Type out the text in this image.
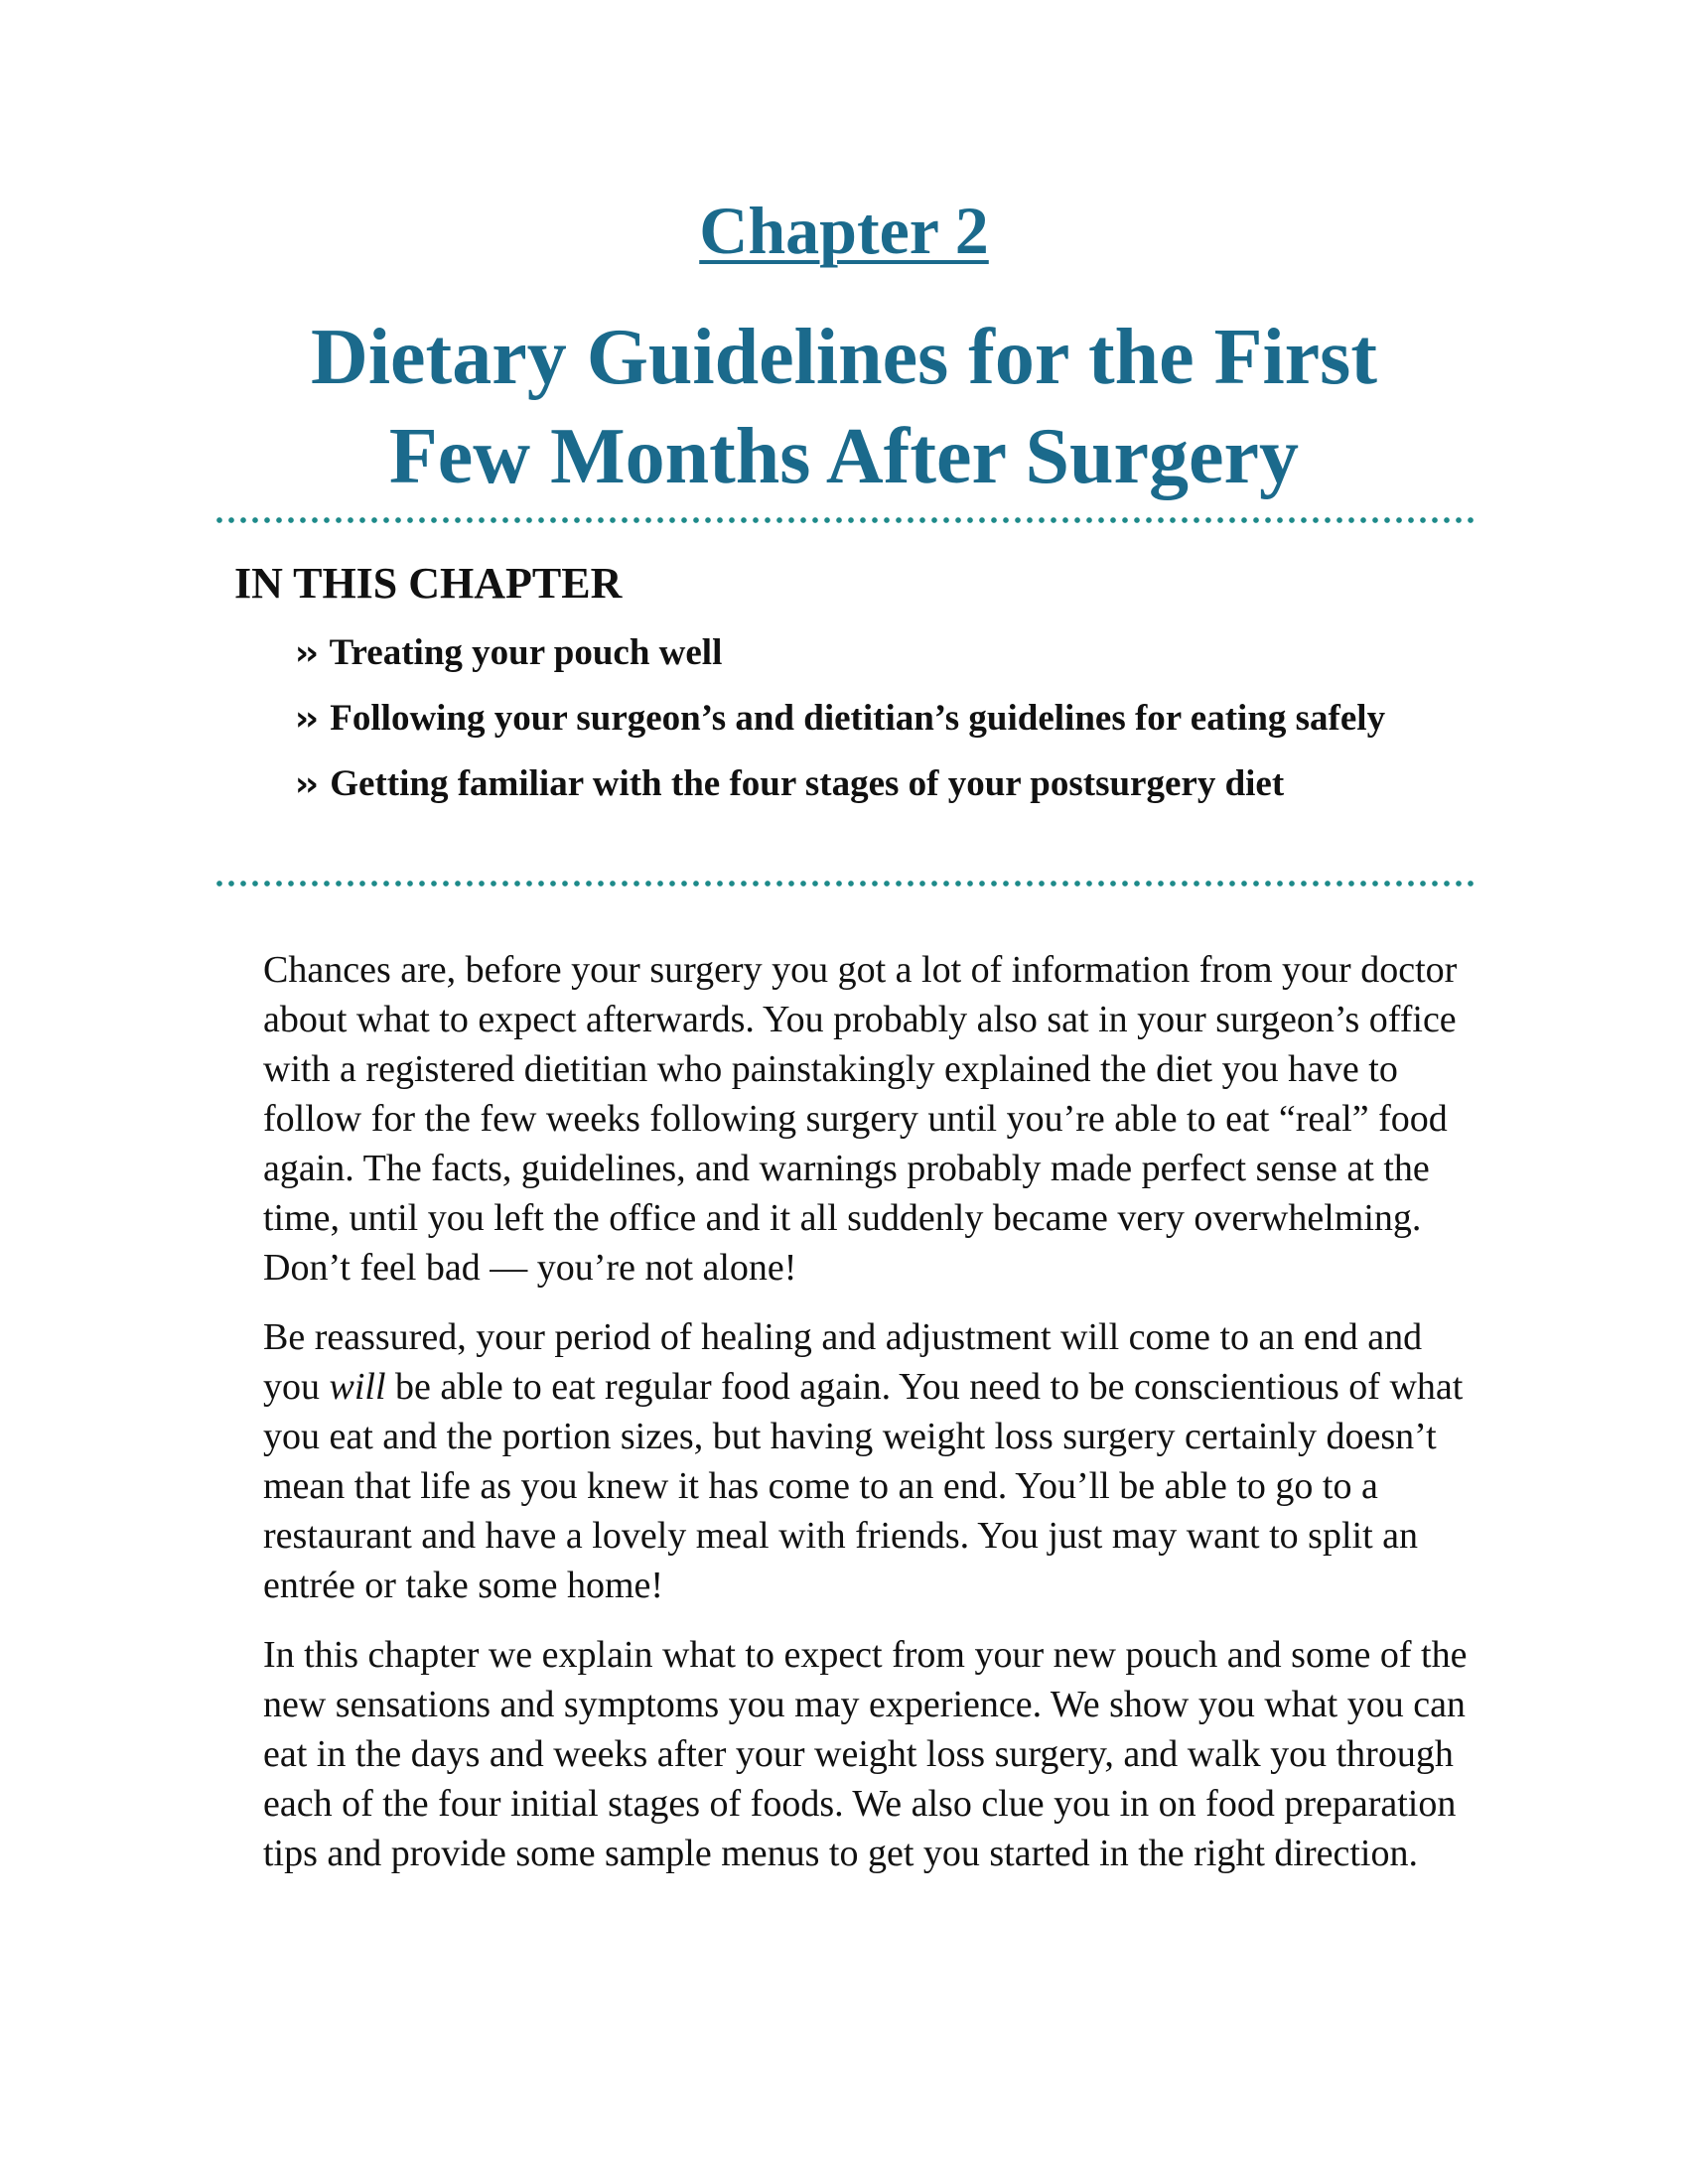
Chapter 2
Dietary Guidelines for the First
Few Months After Surgery
IN THIS CHAPTER
›› Treating your pouch well
›› Following your surgeon’s and dietitian’s guidelines for eating safely
›› Getting familiar with the four stages of your postsurgery diet

Chances are, before your surgery you got a lot of information from your doctor about what to expect afterwards. You probably also sat in your surgeon’s office with a registered dietitian who painstakingly explained the diet you have to follow for the few weeks following surgery until you’re able to eat “real” food again. The facts, guidelines, and warnings probably made perfect sense at the time, until you left the office and it all suddenly became very overwhelming. Don’t feel bad — you’re not alone!

Be reassured, your period of healing and adjustment will come to an end and you will be able to eat regular food again. You need to be conscientious of what you eat and the portion sizes, but having weight loss surgery certainly doesn’t mean that life as you knew it has come to an end. You’ll be able to go to a restaurant and have a lovely meal with friends. You just may want to split an entrée or take some home!

In this chapter we explain what to expect from your new pouch and some of the new sensations and symptoms you may experience. We show you what you can eat in the days and weeks after your weight loss surgery, and walk you through each of the four initial stages of foods. We also clue you in on food preparation tips and provide some sample menus to get you started in the right direction.
